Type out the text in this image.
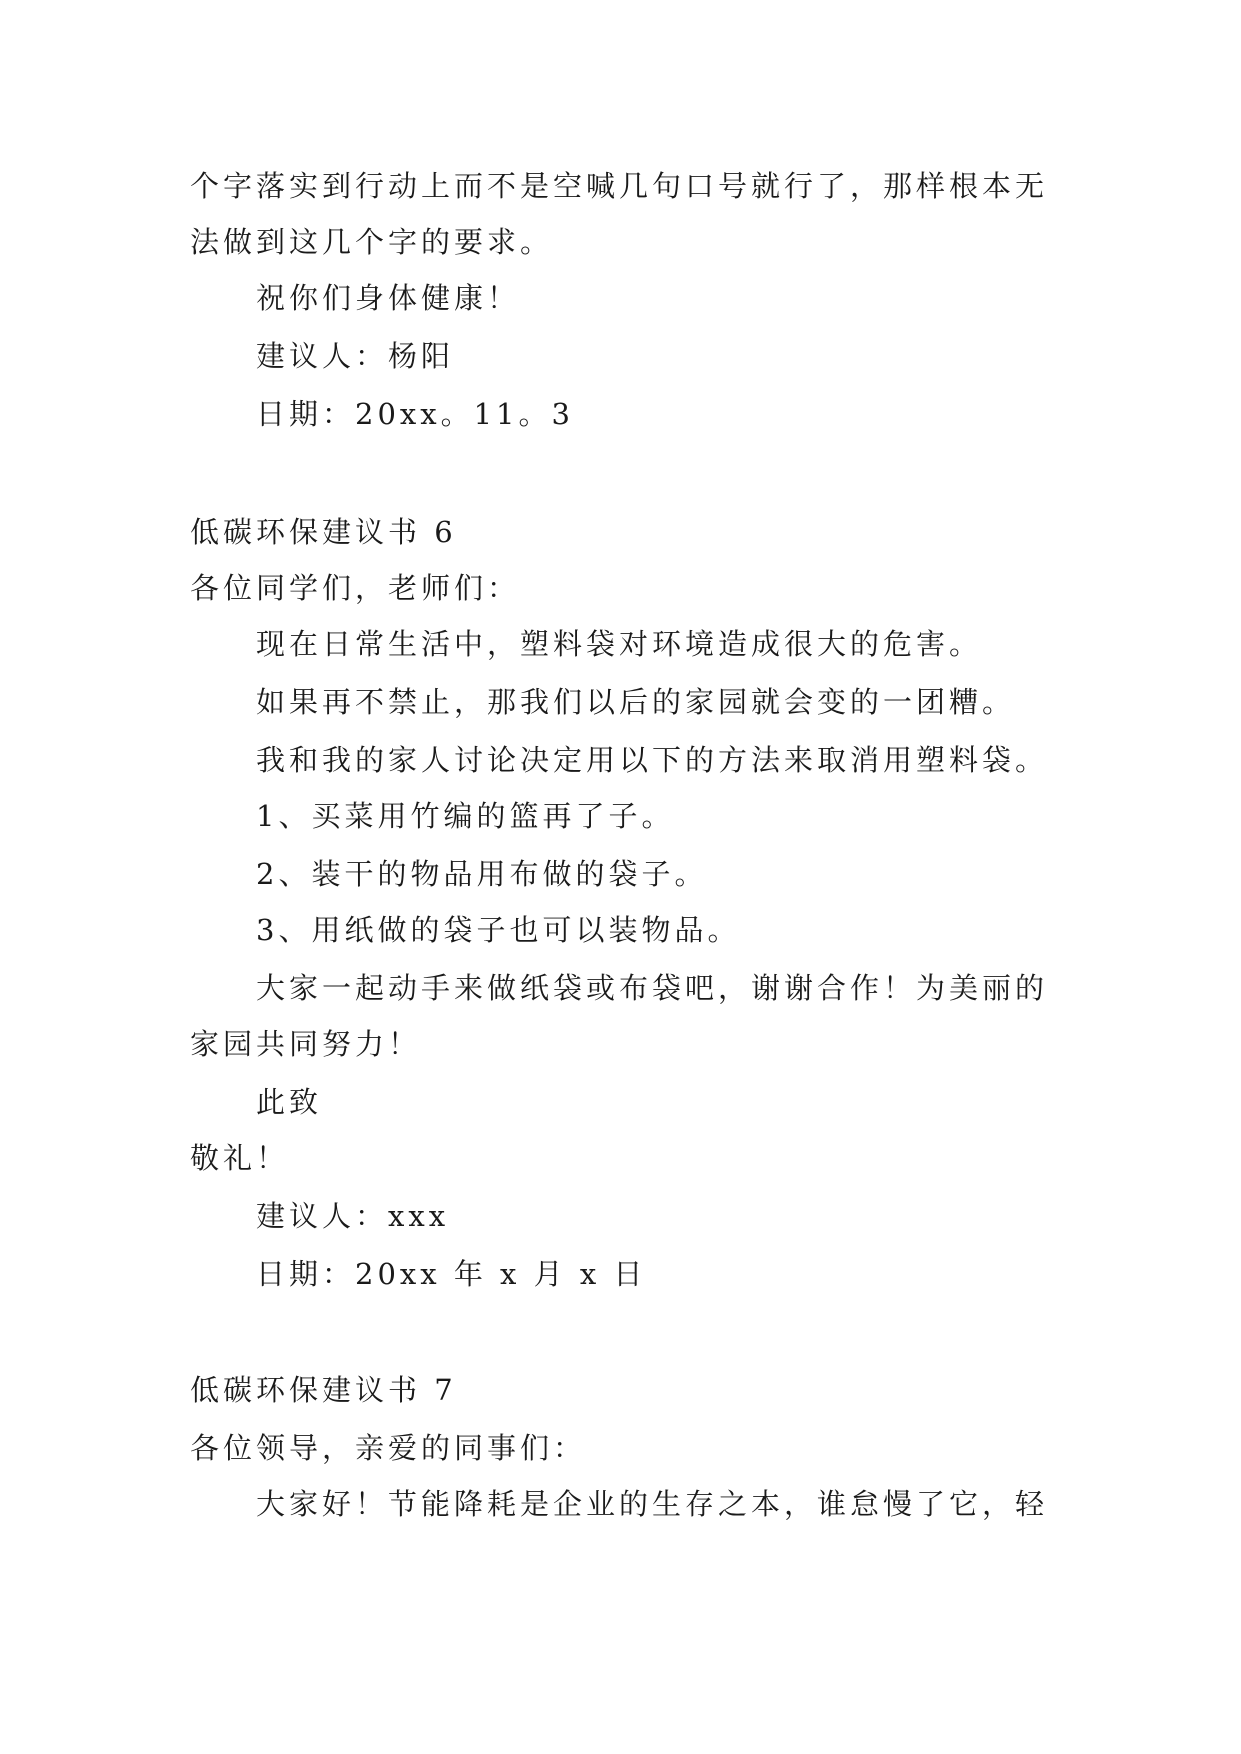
个字落实到行动上而不是空喊几句口号就行了，那样根本无
法做到这几个字的要求。
祝你们身体健康！
建议人：杨阳
日期：20xx。11。3
低碳环保建议书 6
各位同学们，老师们：
现在日常生活中，塑料袋对环境造成很大的危害。
如果再不禁止，那我们以后的家园就会变的一团糟。
我和我的家人讨论决定用以下的方法来取消用塑料袋。
1、买菜用竹编的篮再了子。
2、装干的物品用布做的袋子。
3、用纸做的袋子也可以装物品。
大家一起动手来做纸袋或布袋吧，谢谢合作！为美丽的
家园共同努力！
此致
敬礼！
建议人：xxx
日期：20xx 年 x 月 x 日
低碳环保建议书 7
各位领导，亲爱的同事们：
大家好！节能降耗是企业的生存之本，谁怠慢了它，轻
